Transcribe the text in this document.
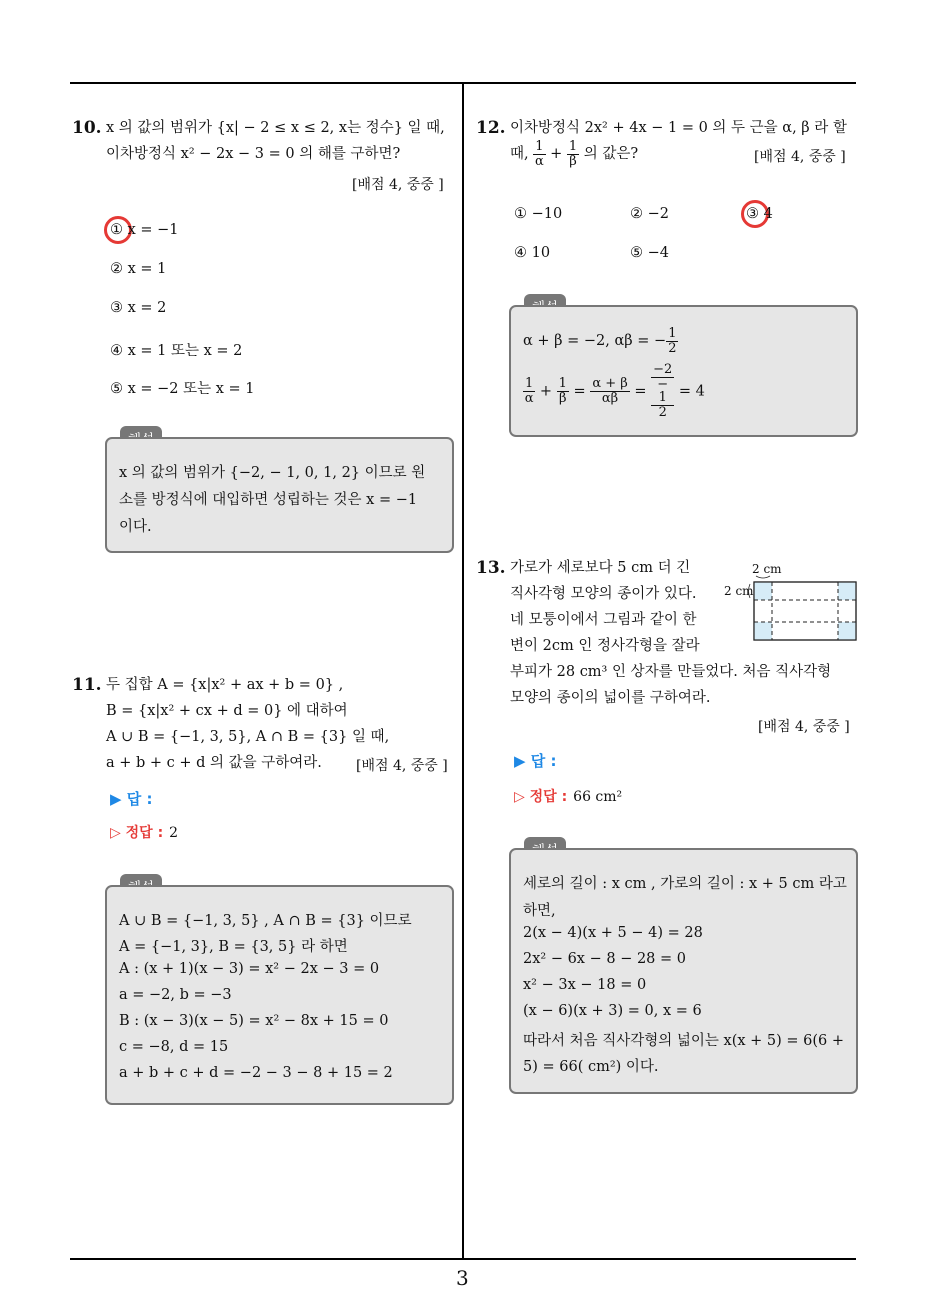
3
10. x 의 값의 범위가 {x| − 2 ≤ x ≤ 2, x는 정수} 일 때,
이차방정식 x² − 2x − 3 = 0 의 해를 구하면?
[배점 4, 중중 ]
① x = −1
② x = 1
③ x = 2
④ x = 1 또는 x = 2
⑤ x = −2 또는 x = 1
x 의 값의 범위가 {−2, − 1, 0, 1, 2} 이므로 원
소를 방정식에 대입하면 성립하는 것은 x = −1
이다.
11. 두 집합 A = {x|x² + ax + b = 0} ,
B = {x|x² + cx + d = 0} 에 대하여
A ∪ B = {−1, 3, 5}, A ∩ B = {3} 일 때,
a + b + c + d 의 값을 구하여라. [배점 4, 중중 ]
▶ 답 :
▷ 정답 : 2
A ∪ B = {−1, 3, 5} , A ∩ B = {3} 이므로
A = {−1, 3}, B = {3, 5} 라 하면
A : (x + 1)(x − 3) = x² − 2x − 3 = 0
a = −2, b = −3
B : (x − 3)(x − 5) = x² − 8x + 15 = 0
c = −8, d = 15
a + b + c + d = −2 − 3 − 8 + 15 = 2
12. 이차방정식 2x² + 4x − 1 = 0 의 두 근을 α, β 라 할
때, $\frac{1}{\alpha} + \frac{1}{\beta}$ 의 값은?	[배점 4, 중중 ]
① −10	② −2	③ 4
④ 10	⑤ −4
α + β = −2, αβ = − $\frac{1}{2}$
$\frac{1}{\alpha} + \frac{1}{\beta} = \frac{\alpha + \beta}{\alpha\beta} = -2$
−
1
2 = 4
13. 가로가 세로보다 5 cm 더 긴
직사각형 모양의 종이가 있다.
네 모퉁이에서 그림과 같이 한
변이 2cm 인 정사각형을 잘라
부피가 28 cm³ 인 상자를 만들었다. 처음 직사각형
모양의 종이의 넓이를 구하여라.
2 cm
2 cm
[배점 4, 중중 ]
▶ 답 :
▷ 정답 : 66 cm²
세로의 길이 : x cm , 가로의 길이 : x + 5 cm 라고
하면,
2(x − 4)(x + 5 − 4) = 28
2x² − 6x − 8 − 28 = 0
x² − 3x − 18 = 0
(x − 6)(x + 3) = 0, x = 6
따라서 처음 직사각형의 넓이는 x(x + 5) = 6(6 +
5) = 66( cm²) 이다.
